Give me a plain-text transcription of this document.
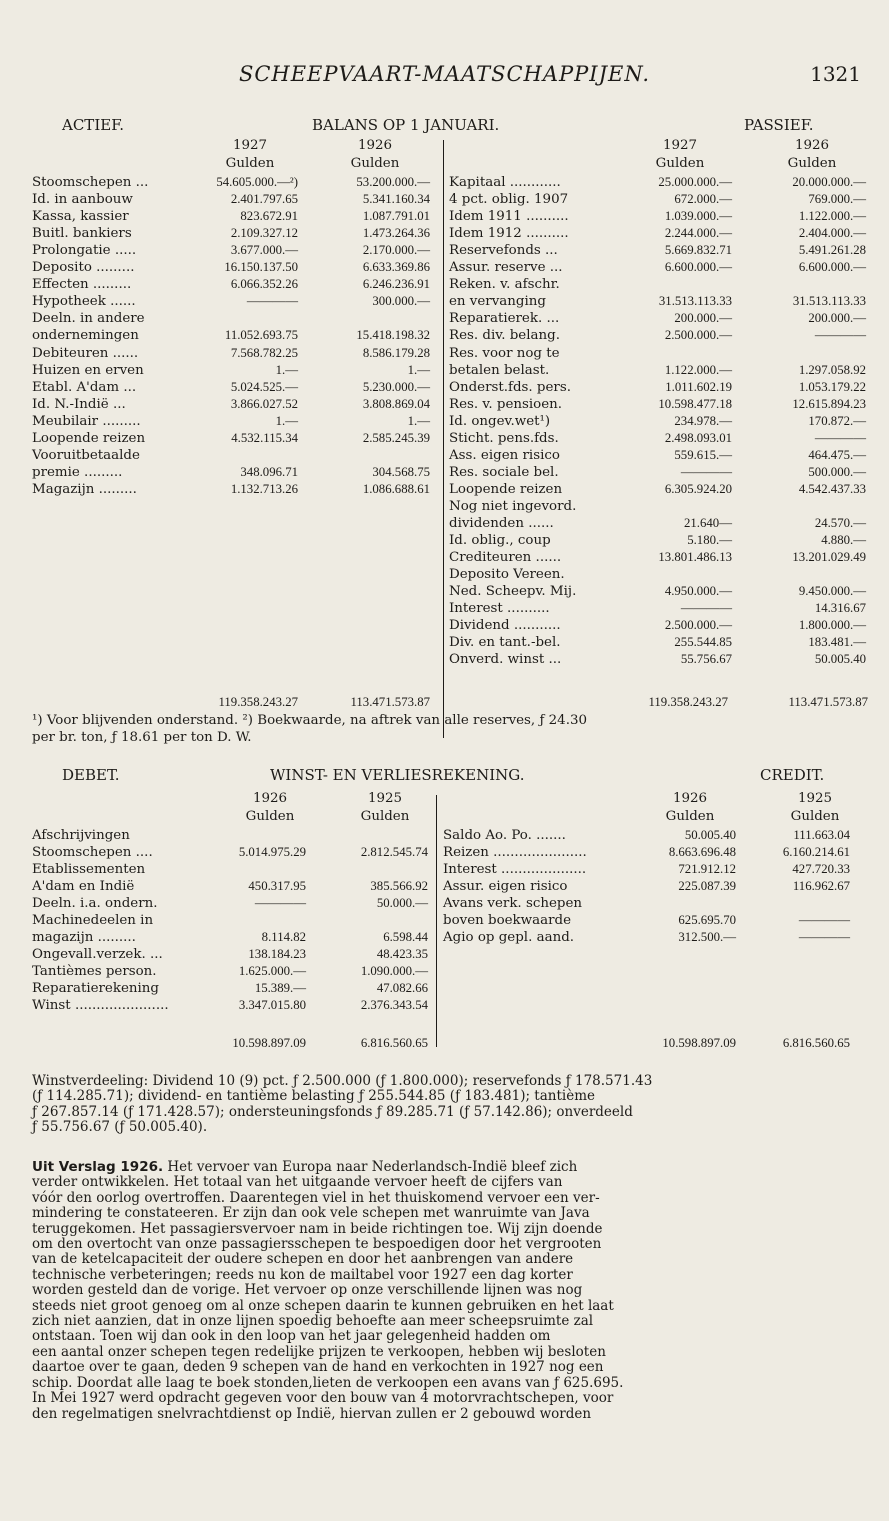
SCHEEPVAART-MAATSCHAPPIJEN.	1321
ACTIEF.	BALANS OP 1 JANUARI.	PASSIEF.
1927	1926
Gulden	Gulden
1927	1926
Gulden	Gulden
Stoomschepen ...	54.605.000.—²)	53.200.000.—
Id. in aanbouw	2.401.797.65	5.341.160.34
Kassa, kassier	823.672.91	1.087.791.01
Buitl. bankiers	2.109.327.12	1.473.264.36
Prolongatie .....	3.677.000.—	2.170.000.—
Deposito .........	16.150.137.50	6.633.369.86
Effecten .........	6.066.352.26	6.246.236.91
Hypotheek ......	————	300.000.—
Deeln. in andere
ondernemingen	11.052.693.75	15.418.198.32
Debiteuren ......	7.568.782.25	8.586.179.28
Huizen en erven	1.—	1.—
Etabl. A'dam ...	5.024.525.—	5.230.000.—
Id. N.-Indië ...	3.866.027.52	3.808.869.04
Meubilair .........	1.—	1.—
Loopende reizen	4.532.115.34	2.585.245.39
Vooruitbetaalde
premie .........	348.096.71	304.568.75
Magazijn .........	1.132.713.26	1.086.688.61
Kapitaal ............	25.000.000.—	20.000.000.—
4 pct. oblig. 1907	672.000.—	769.000.—
Idem 1911 ..........	1.039.000.—	1.122.000.—
Idem 1912 ..........	2.244.000.—	2.404.000.—
Reservefonds ...	5.669.832.71	5.491.261.28
Assur. reserve ...	6.600.000.—	6.600.000.—
Reken. v. afschr.
en vervanging	31.513.113.33	31.513.113.33
Reparatierek. ...	200.000.—	200.000.—
Res. div. belang.	2.500.000.—	————
Res. voor nog te
betalen belast.	1.122.000.—	1.297.058.92
Onderst.fds. pers.	1.011.602.19	1.053.179.22
Res. v. pensioen.	10.598.477.18	12.615.894.23
Id. ongev.wet¹)	234.978.—	170.872.—
Sticht. pens.fds.	2.498.093.01	————
Ass. eigen risico	559.615.—	464.475.—
Res. sociale bel.	————	500.000.—
Loopende reizen	6.305.924.20	4.542.437.33
Nog niet ingevord.
dividenden ......	21.640—	24.570.—
Id. oblig., coup	5.180.—	4.880.—
Crediteuren ......	13.801.486.13	13.201.029.49
Deposito Vereen.
Ned. Scheepv. Mij.	4.950.000.—	9.450.000.—
Interest ..........	————	14.316.67
Dividend ...........	2.500.000.—	1.800.000.—
Div. en tant.-bel.	255.544.85	183.481.—
Onverd. winst ...	55.756.67	50.005.40
119.358.243.27	113.471.573.87	119.358.243.27	113.471.573.87
¹) Voor blijvenden onderstand. ²) Boekwaarde, na aftrek van alle reserves, ƒ 24.30
per br. ton, ƒ 18.61 per ton D. W.
DEBET.	WINST- EN VERLIESREKENING.	CREDIT.
1926	1925
Gulden	Gulden
1926	1925
Gulden	Gulden
Afschrijvingen
Stoomschepen ....	5.014.975.29	2.812.545.74
Etablissementen
A'dam en Indië	450.317.95	385.566.92
Deeln. i.a. ondern.	————	50.000.—
Machinedeelen in
magazijn .........	8.114.82	6.598.44
Ongevall.verzek. ...	138.184.23	48.423.35
Tantièmes person.	1.625.000.—	1.090.000.—
Reparatierekening	15.389.—	47.082.66
Winst ......................	3.347.015.80	2.376.343.54
Saldo Ao. Po. .......	50.005.40	111.663.04
Reizen ......................	8.663.696.48	6.160.214.61
Interest ....................	721.912.12	427.720.33
Assur. eigen risico	225.087.39	116.962.67
Avans verk. schepen
boven boekwaarde	625.695.70	————
Agio op gepl. aand.	312.500.—	————
10.598.897.09	6.816.560.65	10.598.897.09	6.816.560.65
Winstverdeeling: Dividend 10 (9) pct. ƒ 2.500.000 (ƒ 1.800.000); reservefonds ƒ 178.571.43
(ƒ 114.285.71); dividend- en tantième belasting ƒ 255.544.85 (ƒ 183.481); tantième
ƒ 267.857.14 (ƒ 171.428.57); ondersteuningsfonds ƒ 89.285.71 (ƒ 57.142.86); onverdeeld
ƒ 55.756.67 (ƒ 50.005.40).
Uit Verslag 1926. Het vervoer van Europa naar Nederlandsch-Indië bleef zich
verder ontwikkelen. Het totaal van het uitgaande vervoer heeft de cijfers van
vóór den oorlog overtroffen. Daarentegen viel in het thuiskomend vervoer een ver-
mindering te constateeren. Er zijn dan ook vele schepen met wanruimte van Java
teruggekomen. Het passagiersvervoer nam in beide richtingen toe. Wij zijn doende
om den overtocht van onze passagiersschepen te bespoedigen door het vergrooten
van de ketelcapaciteit der oudere schepen en door het aanbrengen van andere
technische verbeteringen; reeds nu kon de mailtabel voor 1927 een dag korter
worden gesteld dan de vorige. Het vervoer op onze verschillende lijnen was nog
steeds niet groot genoeg om al onze schepen daarin te kunnen gebruiken en het laat
zich niet aanzien, dat in onze lijnen spoedig behoefte aan meer scheepsruimte zal
ontstaan. Toen wij dan ook in den loop van het jaar gelegenheid hadden om
een aantal onzer schepen tegen redelijke prijzen te verkoopen, hebben wij besloten
daartoe over te gaan, deden 9 schepen van de hand en verkochten in 1927 nog een
schip. Doordat alle laag te boek stonden,lieten de verkoopen een avans van ƒ 625.695.
In Mei 1927 werd opdracht gegeven voor den bouw van 4 motorvrachtschepen, voor
den regelmatigen snelvrachtdienst op Indië, hiervan zullen er 2 gebouwd worden
